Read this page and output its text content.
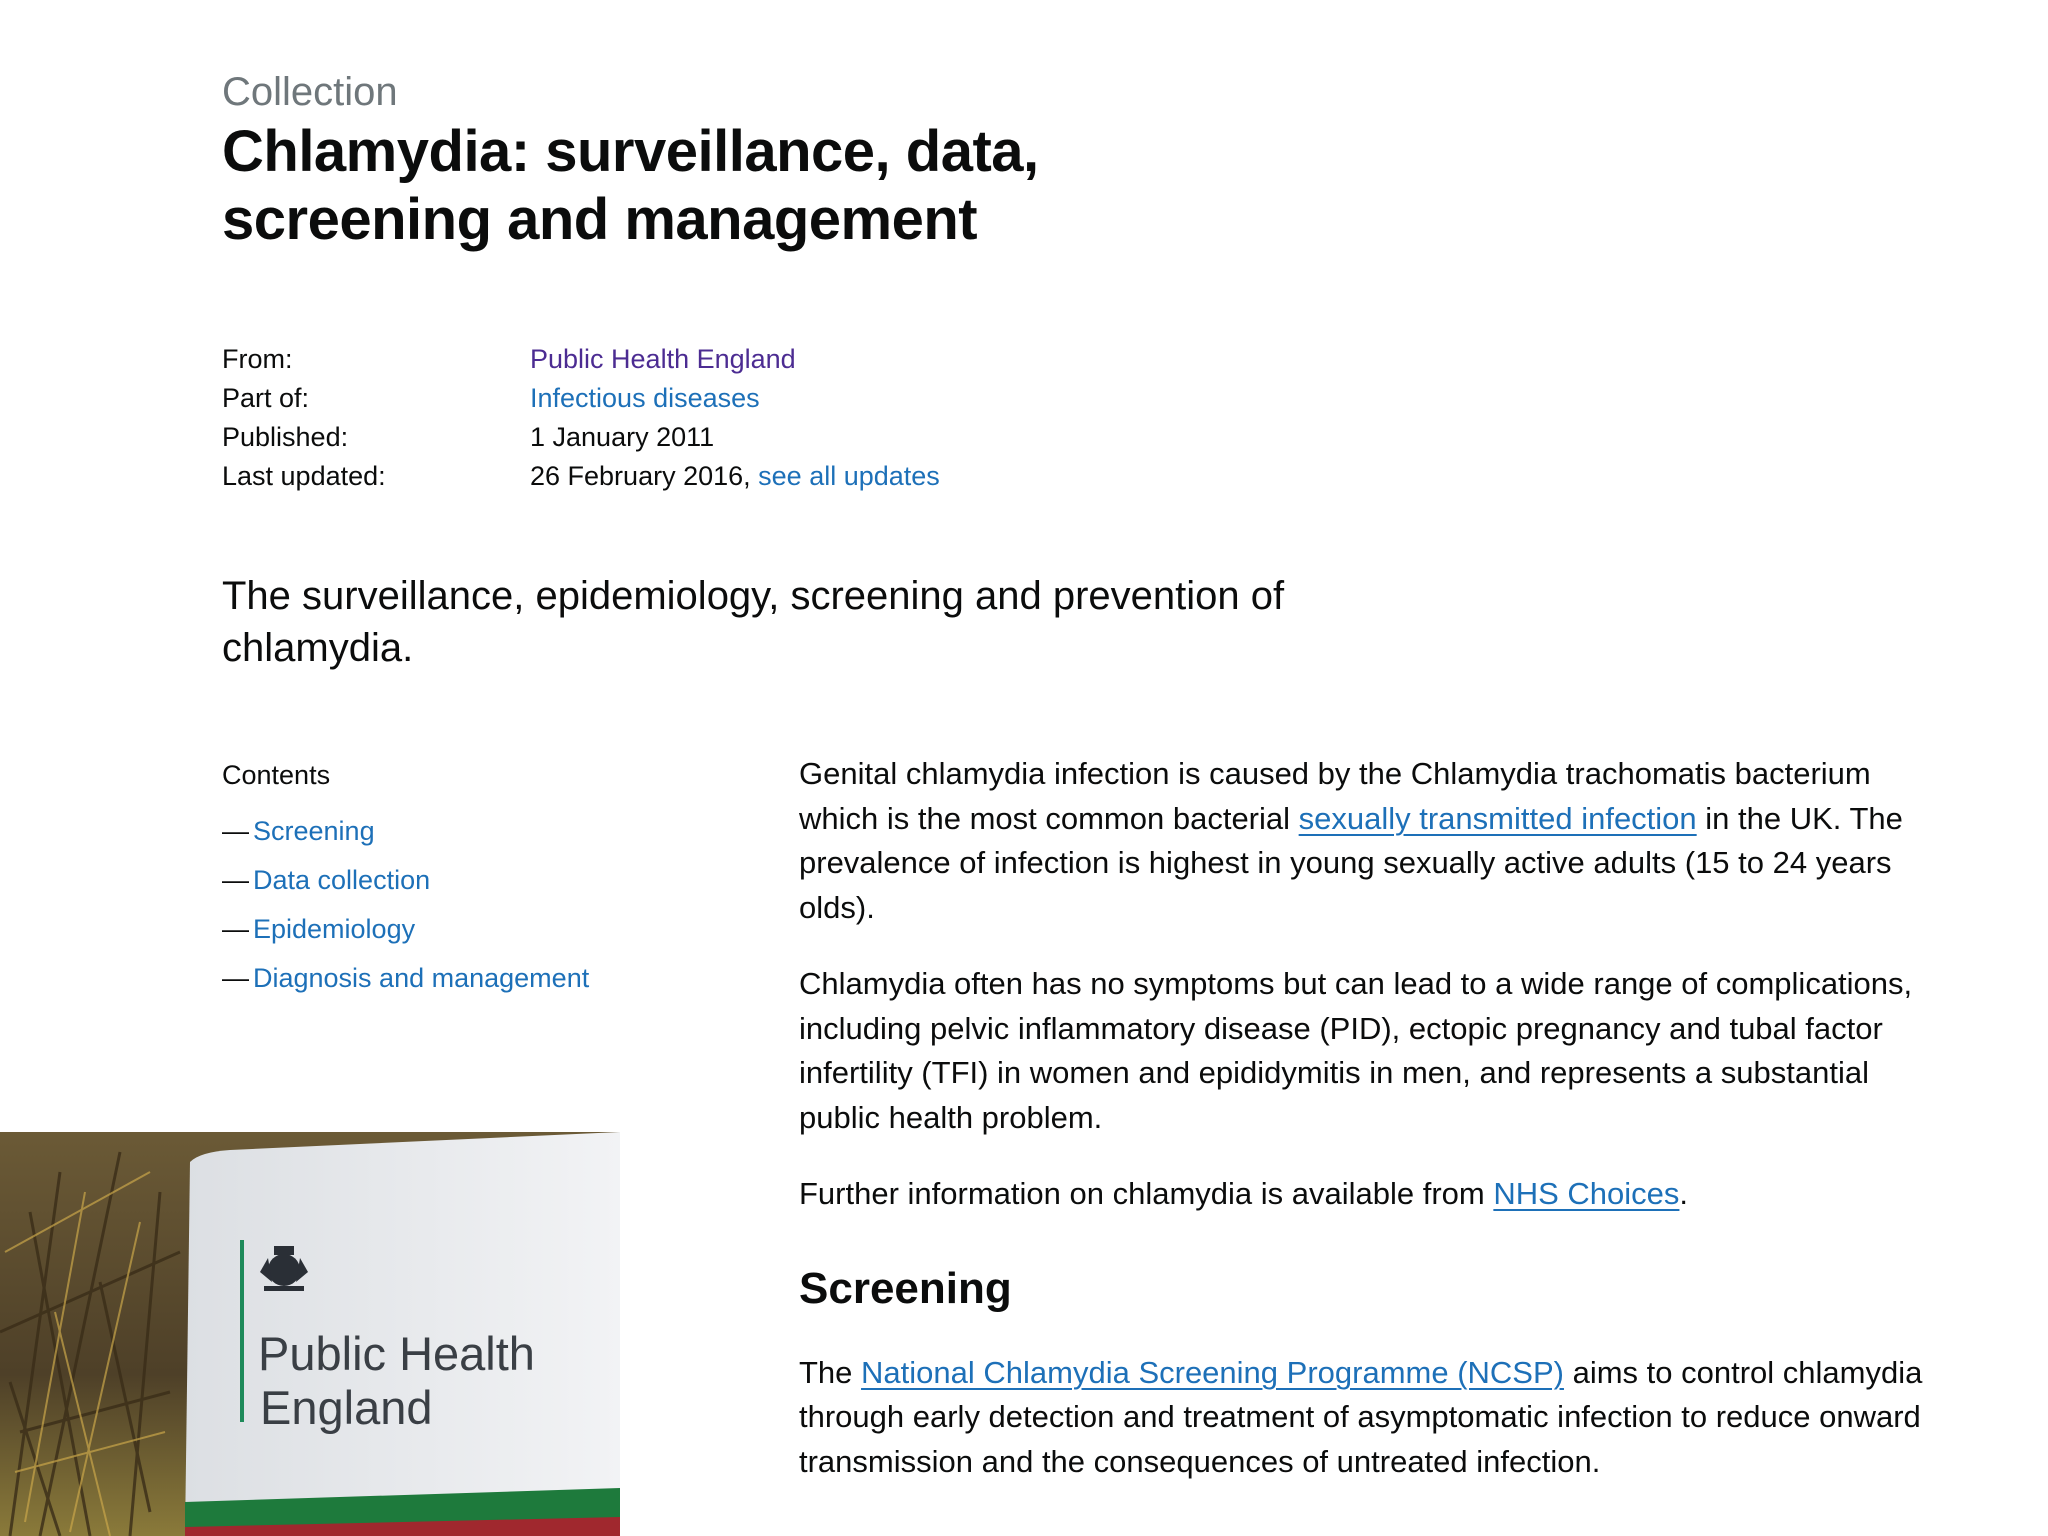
Collection
Chlamydia: surveillance, data, screening and management
From:	Public Health England
Part of:	Infectious diseases
Published:	1 January 2011
Last updated:	26 February 2016, see all updates

The surveillance, epidemiology, screening and prevention of chlamydia.

Contents
— Screening
— Data collection
— Epidemiology
— Diagnosis and management

Genital chlamydia infection is caused by the Chlamydia trachomatis bacterium which is the most common bacterial sexually transmitted infection in the UK. The prevalence of infection is highest in young sexually active adults (15 to 24 years olds).

Chlamydia often has no symptoms but can lead to a wide range of complications, including pelvic inflammatory disease (PID), ectopic pregnancy and tubal factor infertility (TFI) in women and epididymitis in men, and represents a substantial public health problem.

Further information on chlamydia is available from NHS Choices.

Screening

The National Chlamydia Screening Programme (NCSP) aims to control chlamydia through early detection and treatment of asymptomatic infection to reduce onward transmission and the consequences of untreated infection.

Public Health
England
